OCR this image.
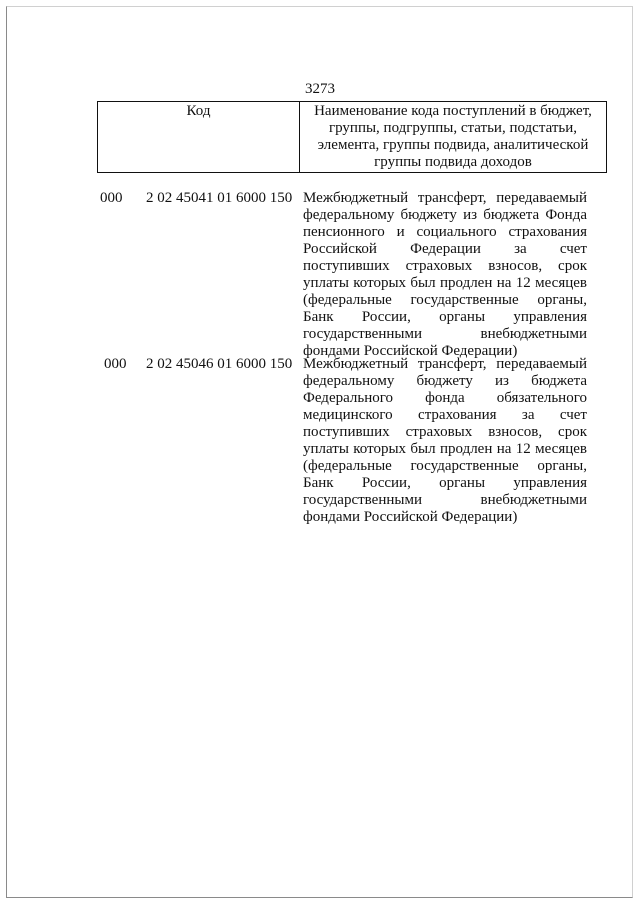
3273
Код	Наименование кода поступлений в бюджет, группы, подгруппы, статьи, подстатьи, элемента, группы подвида, аналитической группы подвида доходов
000 2 02 45041 01 6000 150 Межбюджетный трансферт, передаваемый федеральному бюджету из бюджета Фонда пенсионного и социального страхования Российской Федерации за счет поступивших страховых взносов, срок уплаты которых был продлен на 12 месяцев (федеральные государственные органы, Банк России, органы управления государственными внебюджетными фондами Российской Федерации)
000 2 02 45046 01 6000 150 Межбюджетный трансферт, передаваемый федеральному бюджету из бюджета Федерального фонда обязательного медицинского страхования за счет поступивших страховых взносов, срок уплаты которых был продлен на 12 месяцев (федеральные государственные органы, Банк России, органы управления государственными внебюджетными фондами Российской Федерации)
